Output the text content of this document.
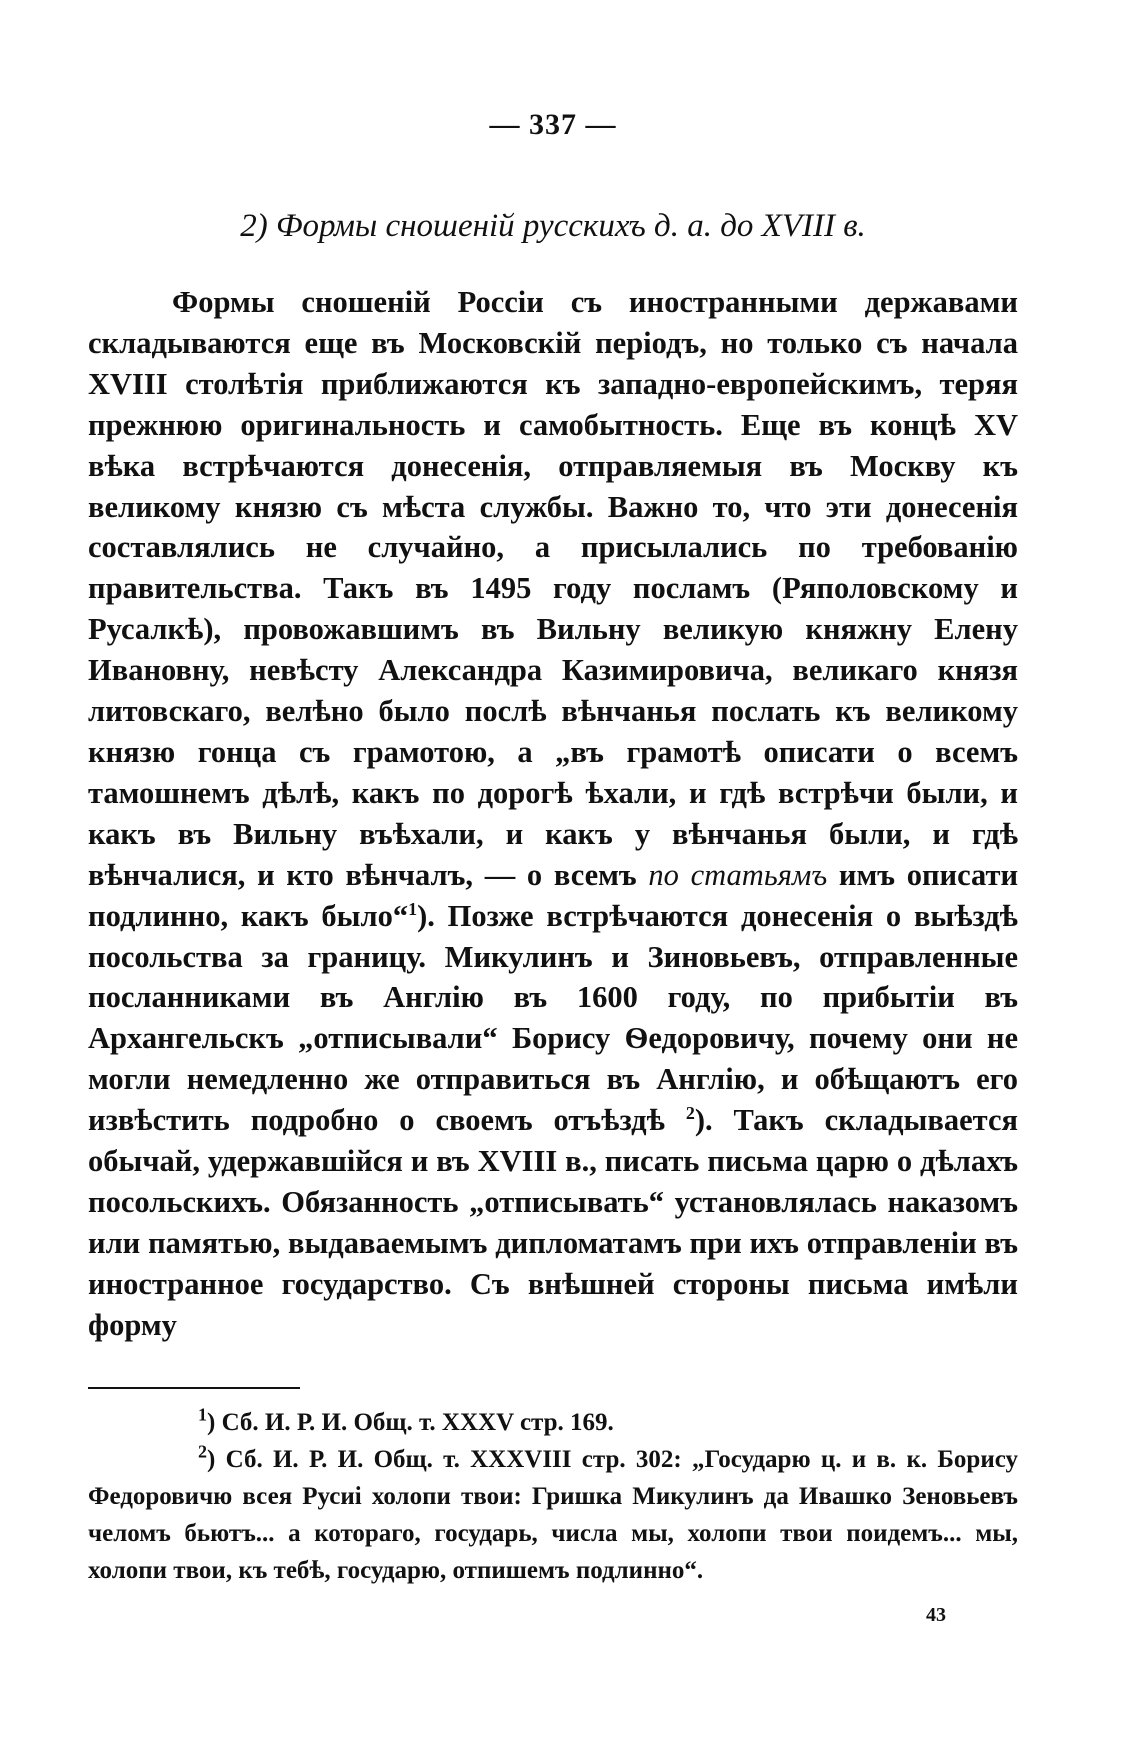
— 337 —
2) Формы сношеній русскихъ д. а. до XVIII в.

Формы сношеній Россіи съ иностранными державами складываются еще въ Московскій періодъ, но только съ начала XVIII столѣтія приближаются къ западно-европейскимъ, теряя прежнюю оригинальность и самобытность. Еще въ концѣ XV вѣка встрѣчаются донесенія, отправляемыя въ Москву къ великому князю съ мѣста службы. Важно то, что эти донесенія составлялись не случайно, а присылались по требованію правительства. Такъ въ 1495 году посламъ (Ряполовскому и Русалкѣ), провожавшимъ въ Вильну великую княжну Елену Ивановну, невѣсту Александра Казимировича, великаго князя литовскаго, велѣно было послѣ вѣнчанья послать къ великому князю гонца съ грамотою, а „въ грамотѣ описати о всемъ тамошнемъ дѣлѣ, какъ по дорогѣ ѣхали, и гдѣ встрѣчи были, и какъ въ Вильну въѣхали, и какъ у вѣнчанья были, и гдѣ вѣнчалися, и кто вѣнчалъ, — о всемъ по статьямъ имъ описати подлинно, какъ было“$^1$). Позже встрѣчаются донесенія о выѣздѣ посольства за границу. Микулинъ и Зиновьевъ, отправленные посланниками въ Англію въ 1600 году, по прибытіи въ Архангельскъ „отписывали“ Борису Ѳедоровичу, почему они не могли немедленно же отправиться въ Англію, и обѣщаютъ его извѣстить подробно о своемъ отъѣздѣ $^2$). Такъ складывается обычай, удержавшійся и въ XVIII в., писать письма царю о дѣлахъ посольскихъ. Обязанность „отписывать“ установлялась наказомъ или памятью, выдаваемымъ дипломатамъ при ихъ отправленіи въ иностранное государство. Съ внѣшней стороны письма имѣли форму

$^1$) Сб. И. Р. И. Общ. т. XXXV стр. 169.

$^2$) Сб. И. Р. И. Общ. т. XXXVIII стр. 302: „Государю ц. и в. к. Борису Федоровичю всея Русиі холопи твои: Гришка Микулинъ да Ивашко Зеновьевъ челомъ бьютъ... а котораго, государь, числа мы, холопи твои поидемъ... мы, холопи твои, къ тебѣ, государю, отпишемъ подлинно“.

43
